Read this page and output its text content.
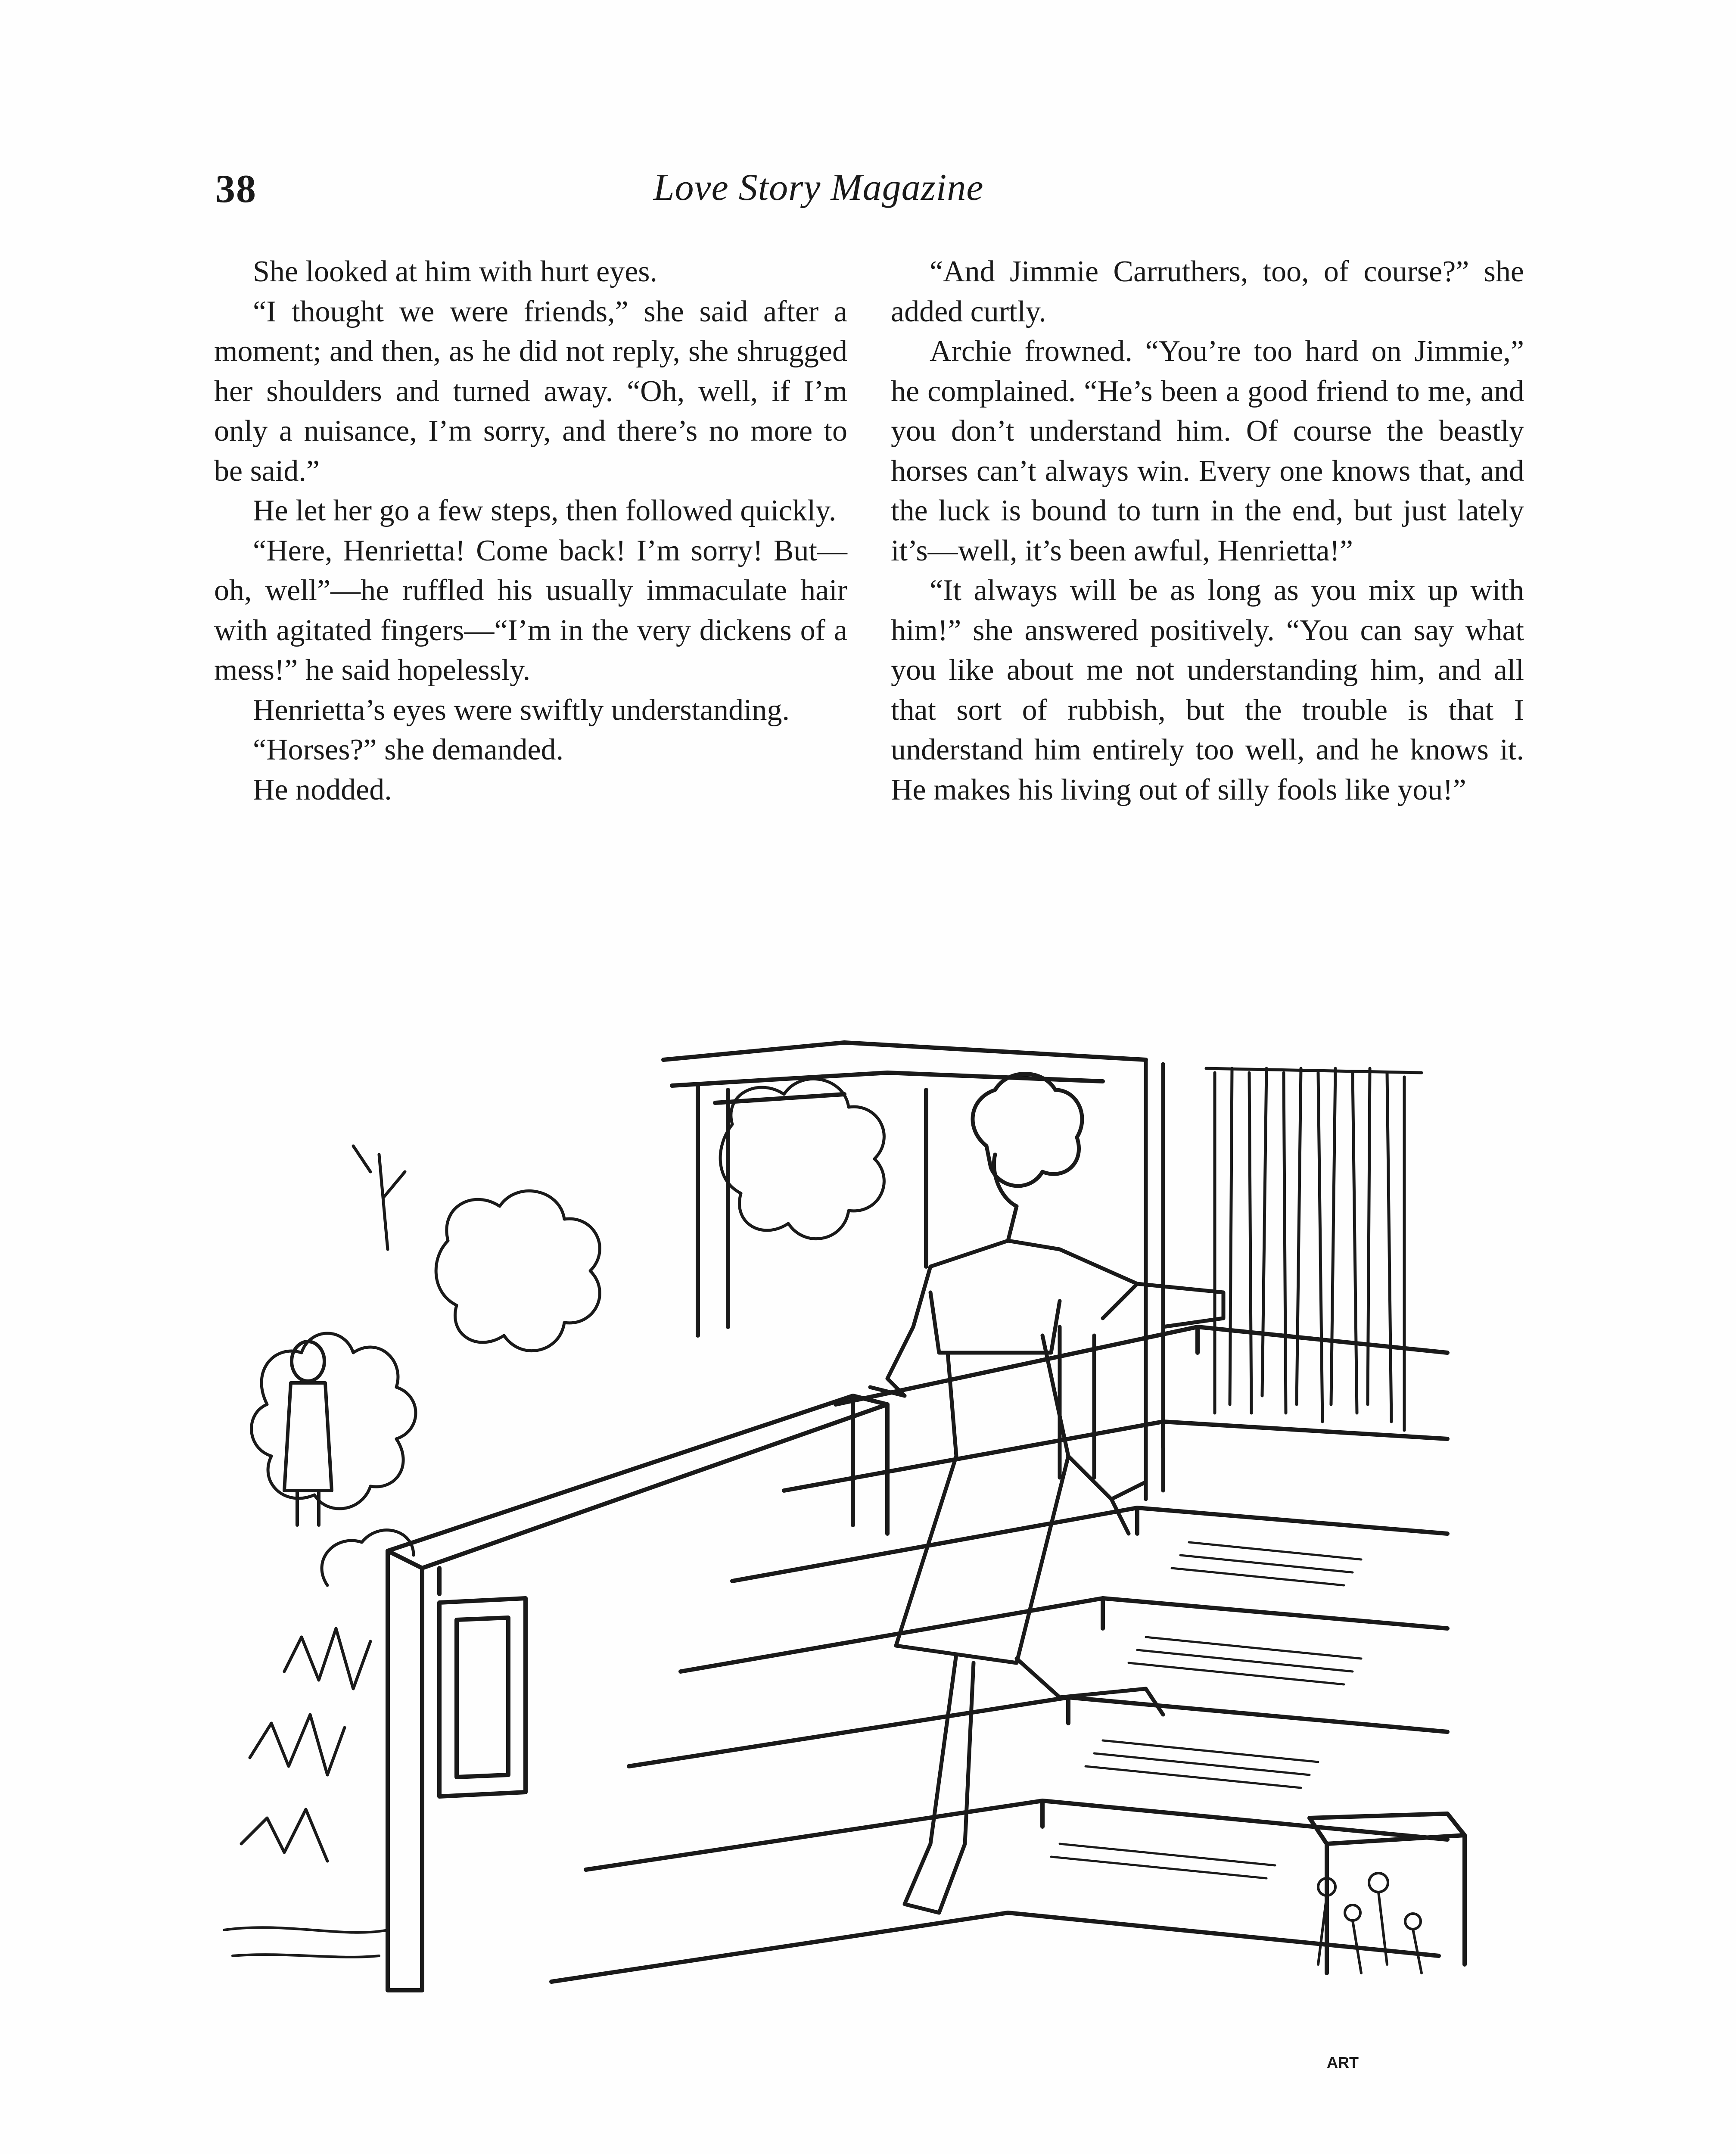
38	Love Story Magazine

She looked at him with hurt eyes.

“I thought we were friends,” she said after a moment; and then, as he did not reply, she shrugged her shoulders and turned away. “Oh, well, if I’m only a nuisance, I’m sorry, and there’s no more to be said.”

He let her go a few steps, then followed quickly.

“Here, Henrietta! Come back! I’m sorry! But—oh, well”—he ruffled his usually immaculate hair with agitated fingers—“I’m in the very dickens of a mess!” he said hopelessly.

Henrietta’s eyes were swiftly understanding.

“Horses?” she demanded.

He nodded.

“And Jimmie Carruthers, too, of course?” she added curtly.

Archie frowned. “You’re too hard on Jimmie,” he complained. “He’s been a good friend to me, and you don’t understand him. Of course the beastly horses can’t always win. Every one knows that, and the luck is bound to turn in the end, but just lately it’s—well, it’s been awful, Henrietta!”

“It always will be as long as you mix up with him!” she answered positively. “You can say what you like about me not understanding him, and all that sort of rubbish, but the trouble is that I understand him entirely too well, and he knows it. He makes his living out of silly fools like you!”

ART
